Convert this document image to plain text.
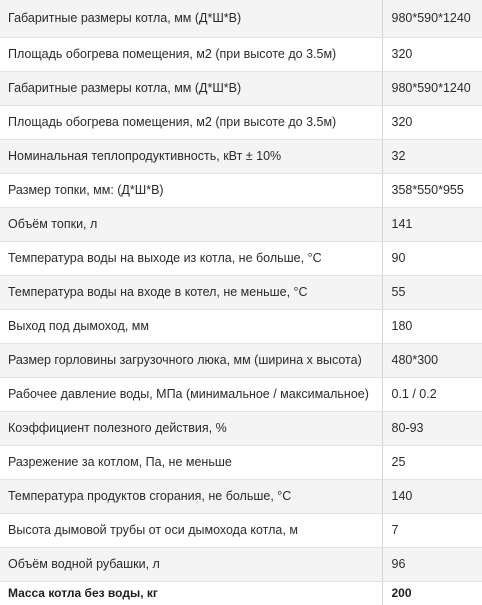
Габаритные размеры котла, мм (Д*Ш*В)	980*590*1240
Площадь обогрева помещения, м2 (при высоте до 3.5м)	320
Габаритные размеры котла, мм (Д*Ш*В)	980*590*1240
Площадь обогрева помещения, м2 (при высоте до 3.5м)	320
Номинальная теплопродуктивность, кВт ± 10%	32
Размер топки, мм: (Д*Ш*В)	358*550*955
Объём топки, л	141
Температура воды на выходе из котла, не больше, °С	90
Температура воды на входе в котел, не меньше, °С	55
Выход под дымоход, мм	180
Размер горловины загрузочного люка, мм (ширина х высота)	480*300
Рабочее давление воды, МПа (минимальное / максимальное)	0.1 / 0.2
Коэффициент полезного действия, %	80-93
Разрежение за котлом, Па, не меньше	25
Температура продуктов сгорания, не больше, °С	140
Высота дымовой трубы от оси дымохода котла, м	7
Объём водной рубашки, л	96
Масса котла без воды, кг	200
